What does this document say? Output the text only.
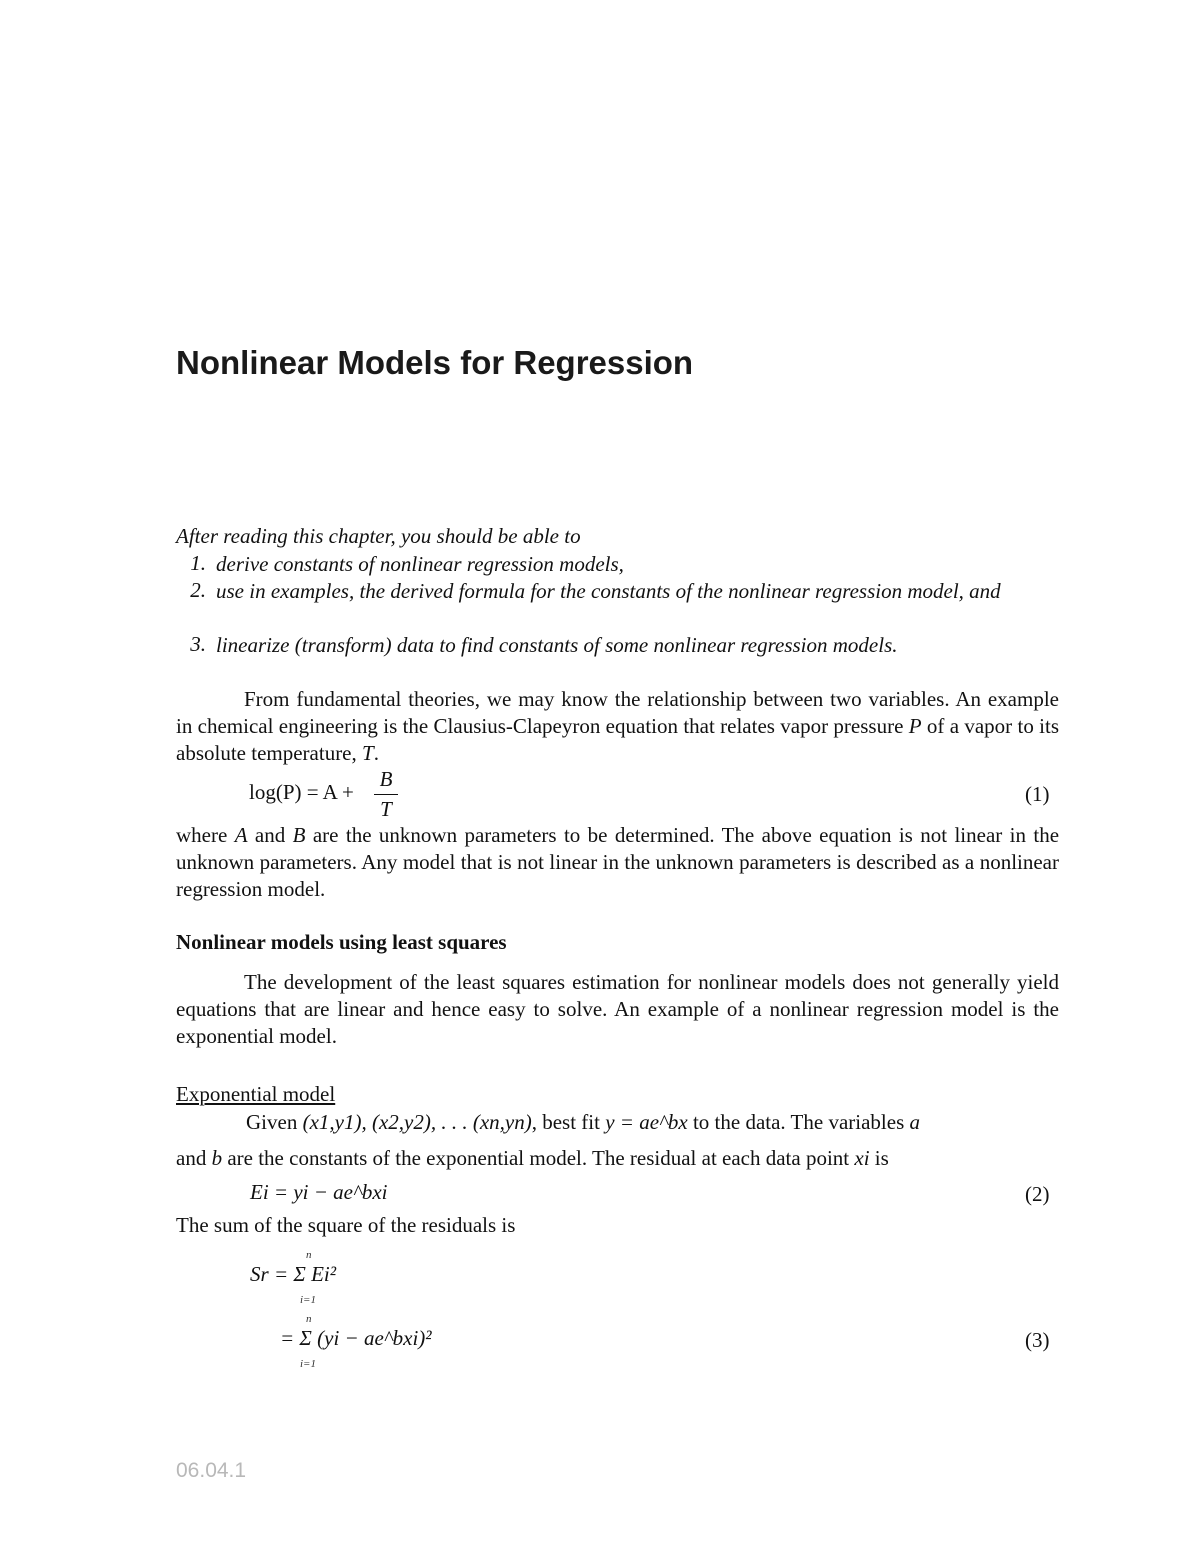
Nonlinear Models for Regression
After reading this chapter, you should be able to
1. derive constants of nonlinear regression models,
2. use in examples, the derived formula for the constants of the nonlinear regression model, and
3. linearize (transform) data to find constants of some nonlinear regression models.

From fundamental theories, we may know the relationship between two variables. An example in chemical engineering is the Clausius-Clapeyron equation that relates vapor pressure P of a vapor to its absolute temperature, T.

log(P) = A +
B
T
(1)

where A and B are the unknown parameters to be determined. The above equation is not linear in the unknown parameters. Any model that is not linear in the unknown parameters is described as a nonlinear regression model.

Nonlinear models using least squares

The development of the least squares estimation for nonlinear models does not generally yield equations that are linear and hence easy to solve. An example of a nonlinear regression model is the exponential model.

Exponential model
Given (x1,y1), (x2,y2), . . . (xn,yn), best fit y = ae^bx to the data. The variables a
and b are the constants of the exponential model. The residual at each data point xi is
Ei = yi − ae^bxi	(2)
The sum of the square of the residuals is
Sr = Σ Ei²
n
i=1
= Σ (yi − ae^bxi)²
n
i=1
(3)
06.04.1
